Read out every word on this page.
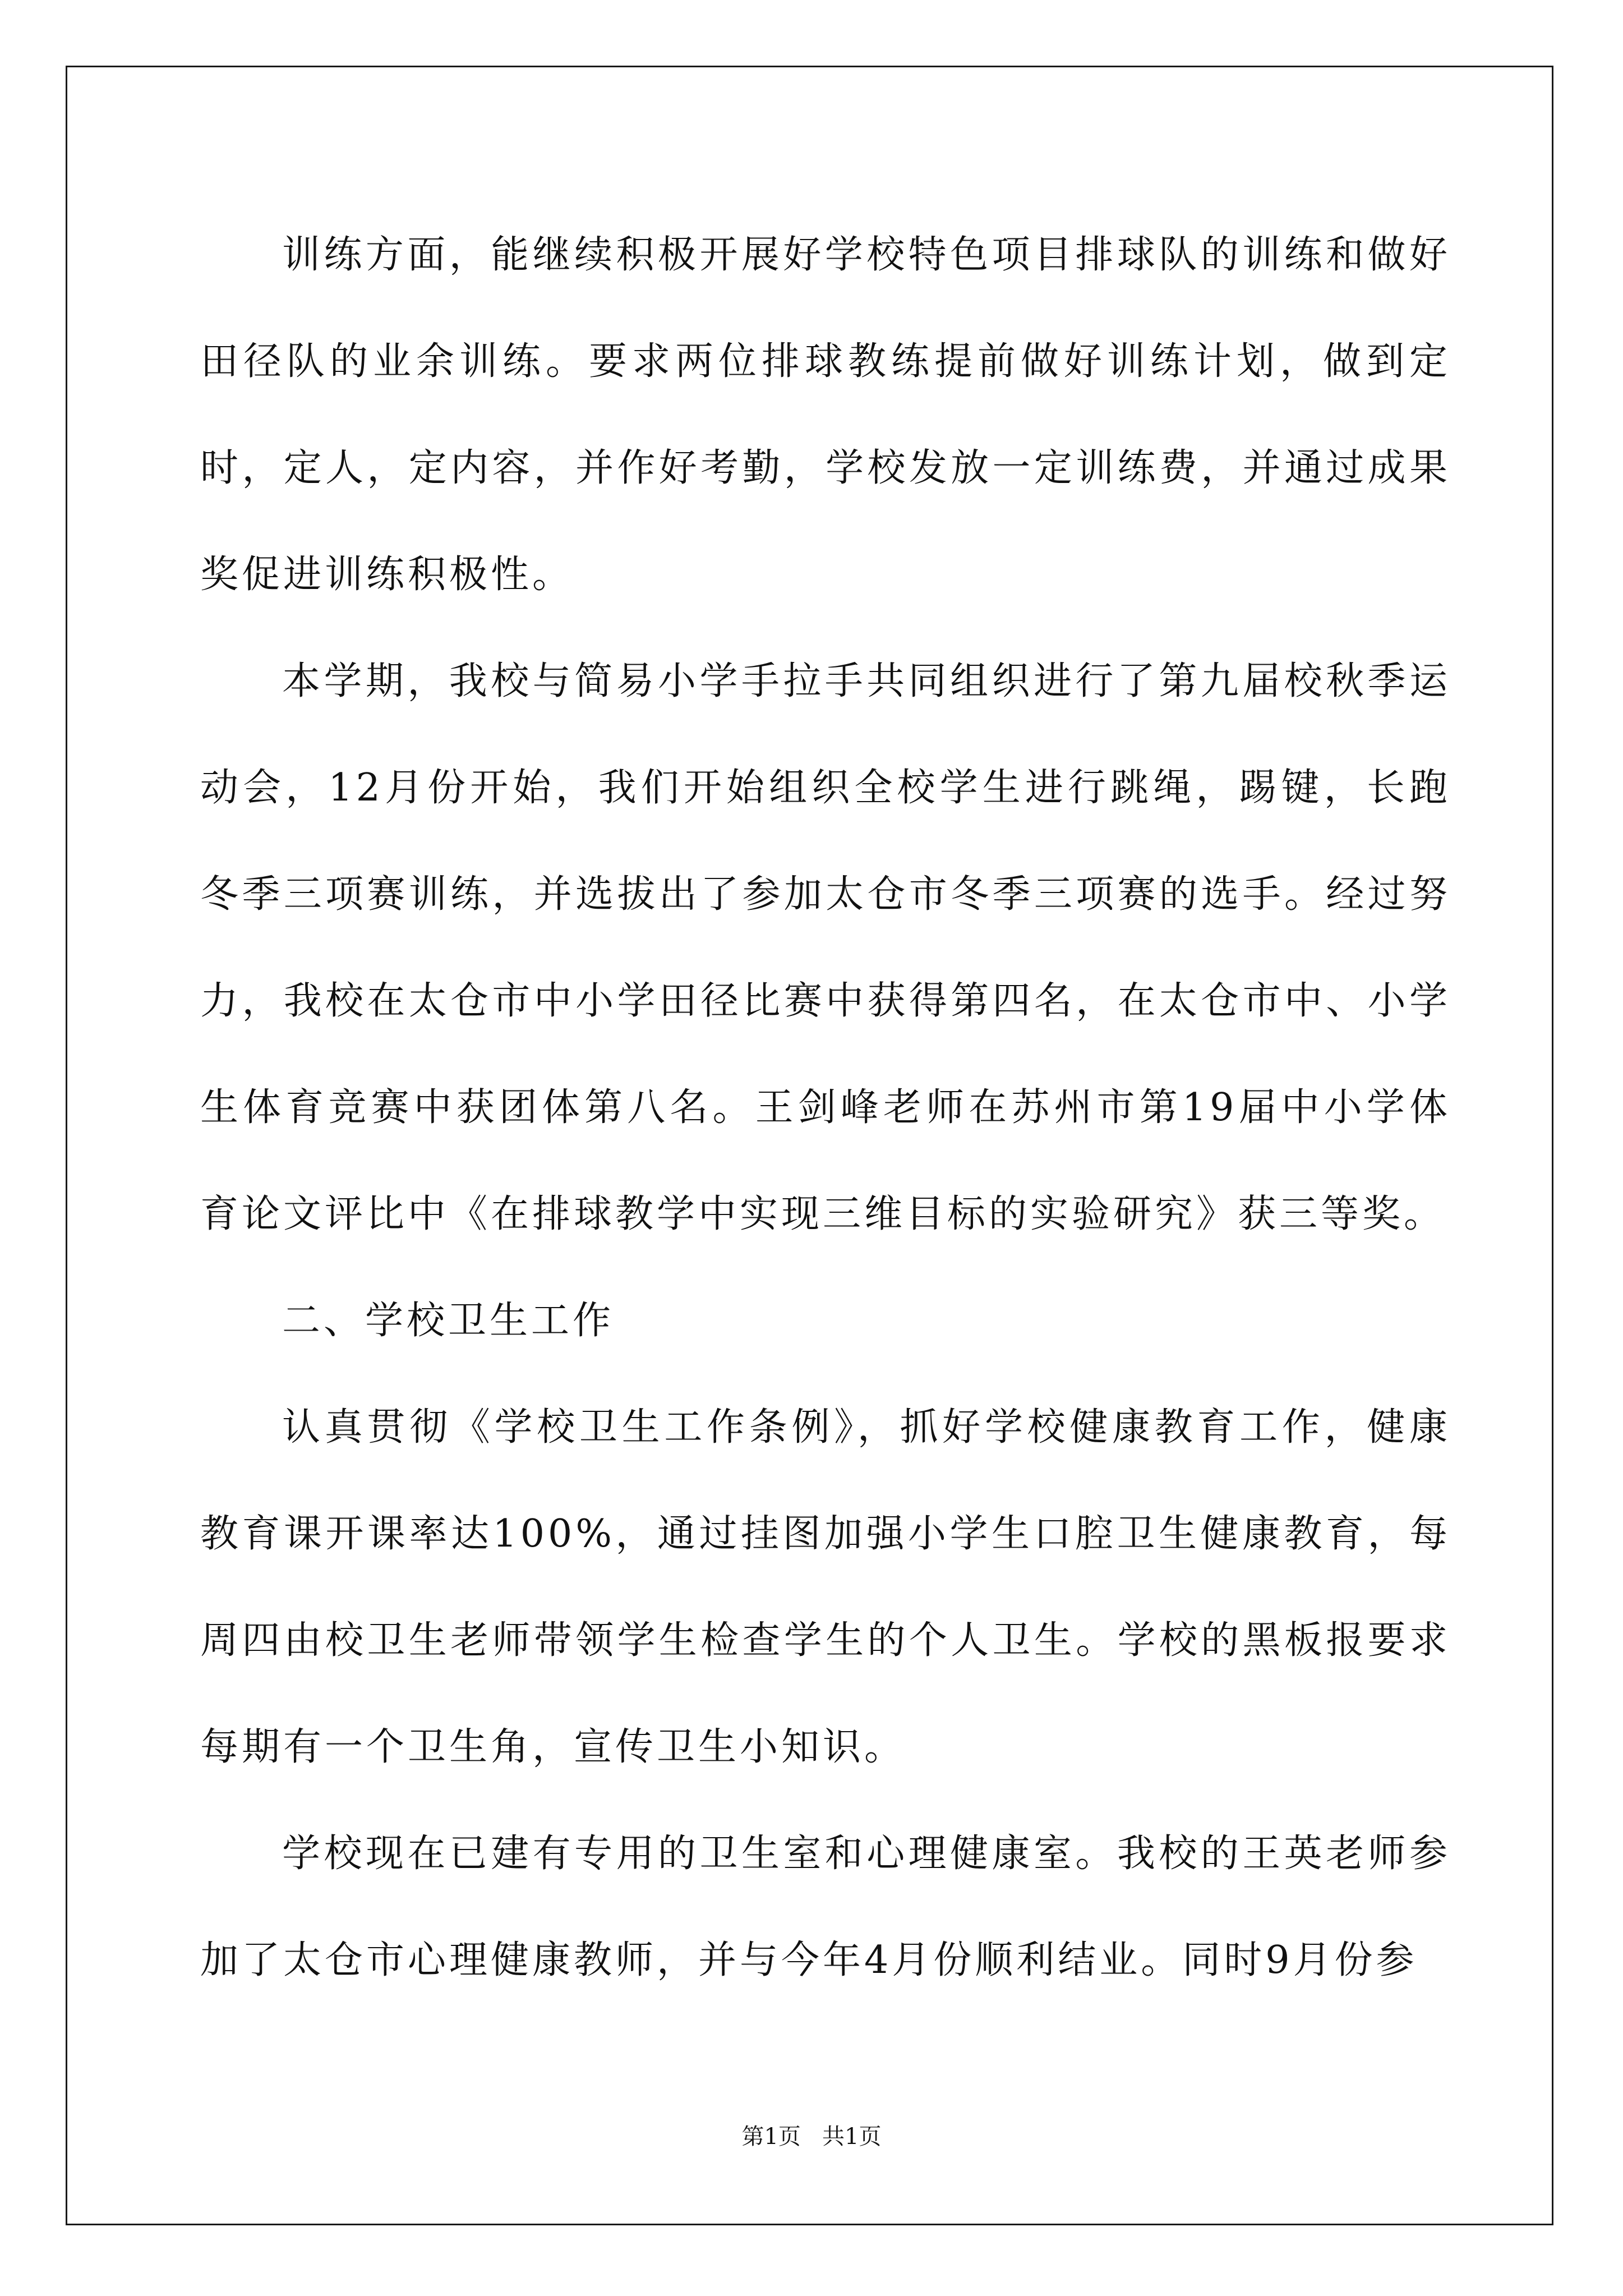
训练方面，能继续积极开展好学校特色项目排球队的训练和做好田径队的业余训练。要求两位排球教练提前做好训练计划，做到定时，定人，定内容，并作好考勤，学校发放一定训练费，并通过成果奖促进训练积极性。

本学期，我校与简易小学手拉手共同组织进行了第九届校秋季运动会，12月份开始，我们开始组织全校学生进行跳绳，踢键，长跑冬季三项赛训练，并选拔出了参加太仓市冬季三项赛的选手。经过努力，我校在太仓市中小学田径比赛中获得第四名，在太仓市中、小学生体育竞赛中获团体第八名。王剑峰老师在苏州市第19届中小学体育论文评比中《在排球教学中实现三维目标的实验研究》获三等奖。

二、学校卫生工作

认真贯彻《学校卫生工作条例》，抓好学校健康教育工作，健康教育课开课率达100%，通过挂图加强小学生口腔卫生健康教育，每周四由校卫生老师带领学生检查学生的个人卫生。学校的黑板报要求每期有一个卫生角，宣传卫生小知识。

学校现在已建有专用的卫生室和心理健康室。我校的王英老师参加了太仓市心理健康教师，并与今年4月份顺利结业。同时9月份参

第1页   共1页
